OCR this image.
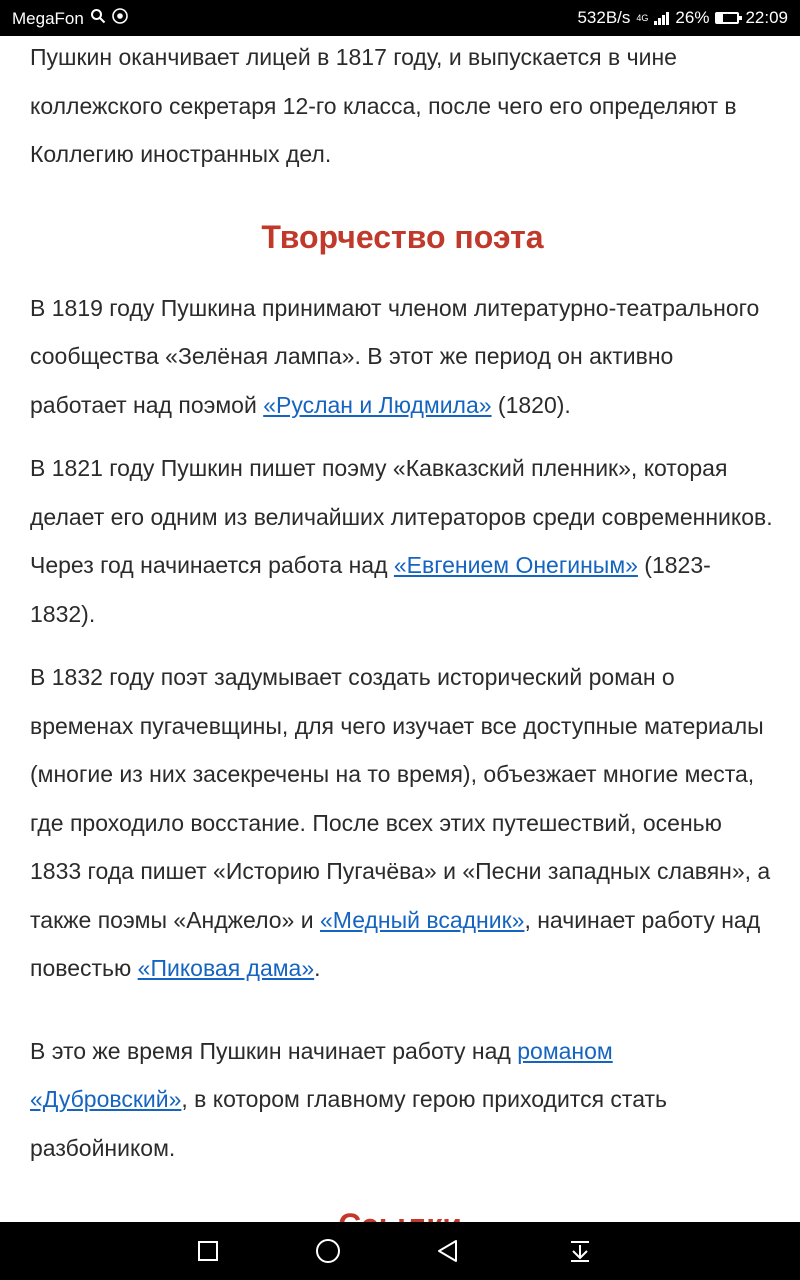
MegaFon	532B/s 4G 26% + 22:09

Пушкин оканчивает лицей в 1817 году, и выпускается в чине коллежского секретаря 12-го класса, после чего его определяют в Коллегию иностранных дел.

Творчество поэта

В 1819 году Пушкина принимают членом литературно-театрального сообщества «Зелёная лампа». В этот же период он активно работает над поэмой «Руслан и Людмила» (1820).

В 1821 году Пушкин пишет поэму «Кавказский пленник», которая делает его одним из величайших литераторов среди современников. Через год начинается работа над «Евгением Онегиным» (1823-1832).

В 1832 году поэт задумывает создать исторический роман о временах пугачевщины, для чего изучает все доступные материалы (многие из них засекречены на то время), объезжает многие места, где проходило восстание. После всех этих путешествий, осенью 1833 года пишет «Историю Пугачёва» и «Песни западных славян», а также поэмы «Анджело» и «Медный всадник», начинает работу над повестью «Пиковая дама».

В это же время Пушкин начинает работу над романом «Дубровский», в котором главному герою приходится стать разбойником.
